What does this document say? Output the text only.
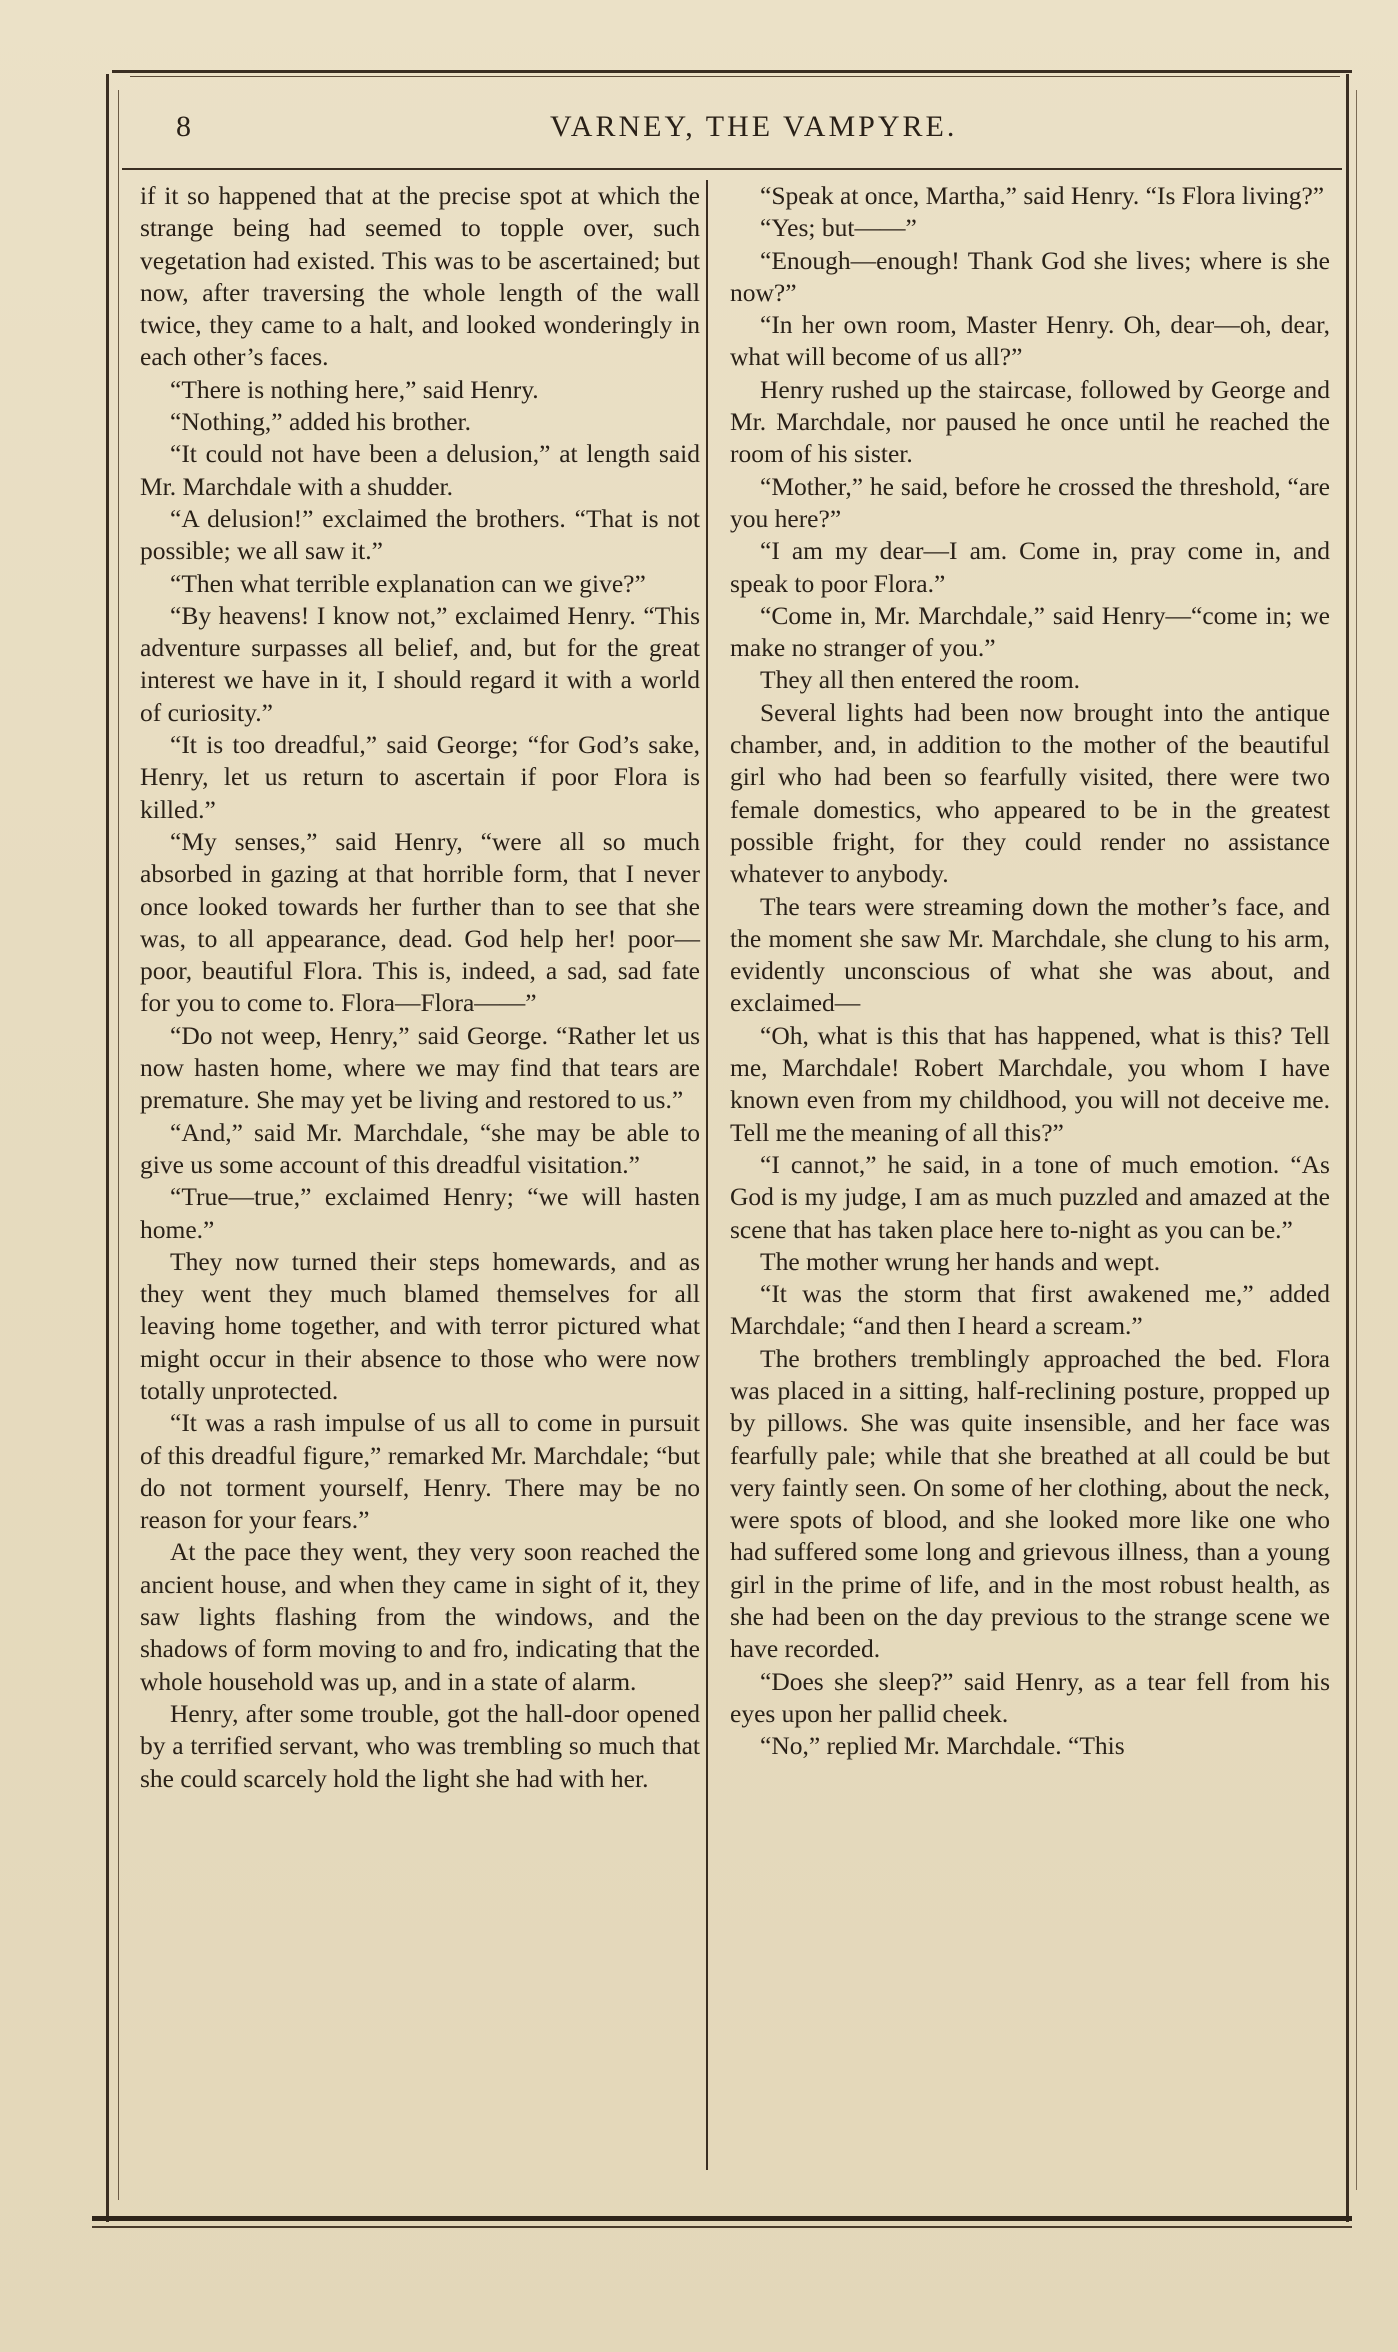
8	VARNEY, THE VAMPYRE.

if it so happened that at the precise spot at which the strange being had seemed to topple over, such vegetation had existed. This was to be ascertained; but now, after traversing the whole length of the wall twice, they came to a halt, and looked wonderingly in each other’s faces.

“There is nothing here,” said Henry.

“Nothing,” added his brother.

“It could not have been a delusion,” at length said Mr. Marchdale with a shudder.

“A delusion!” exclaimed the brothers. “That is not possible; we all saw it.”

“Then what terrible explanation can we give?”

“By heavens! I know not,” exclaimed Henry. “This adventure surpasses all belief, and, but for the great interest we have in it, I should regard it with a world of curiosity.”

“It is too dreadful,” said George; “for God’s sake, Henry, let us return to ascertain if poor Flora is killed.”

“My senses,” said Henry, “were all so much absorbed in gazing at that horrible form, that I never once looked towards her further than to see that she was, to all appearance, dead. God help her! poor—poor, beautiful Flora. This is, indeed, a sad, sad fate for you to come to. Flora—Flora——”

“Do not weep, Henry,” said George. “Rather let us now hasten home, where we may find that tears are premature. She may yet be living and restored to us.”

“And,” said Mr. Marchdale, “she may be able to give us some account of this dreadful visitation.”

“True—true,” exclaimed Henry; “we will hasten home.”

They now turned their steps homewards, and as they went they much blamed themselves for all leaving home together, and with terror pictured what might occur in their absence to those who were now totally unprotected.

“It was a rash impulse of us all to come in pursuit of this dreadful figure,” remarked Mr. Marchdale; “but do not torment yourself, Henry. There may be no reason for your fears.”

At the pace they went, they very soon reached the ancient house, and when they came in sight of it, they saw lights flashing from the windows, and the shadows of form moving to and fro, indicating that the whole household was up, and in a state of alarm.

Henry, after some trouble, got the hall-door opened by a terrified servant, who was trembling so much that she could scarcely hold the light she had with her.

“Speak at once, Martha,” said Henry. “Is Flora living?”

“Yes; but——”

“Enough—enough! Thank God she lives; where is she now?”

“In her own room, Master Henry. Oh, dear—oh, dear, what will become of us all?”

Henry rushed up the staircase, followed by George and Mr. Marchdale, nor paused he once until he reached the room of his sister.

“Mother,” he said, before he crossed the threshold, “are you here?”

“I am my dear—I am. Come in, pray come in, and speak to poor Flora.”

“Come in, Mr. Marchdale,” said Henry—“come in; we make no stranger of you.”

They all then entered the room.

Several lights had been now brought into the antique chamber, and, in addition to the mother of the beautiful girl who had been so fearfully visited, there were two female domestics, who appeared to be in the greatest possible fright, for they could render no assistance whatever to anybody.

The tears were streaming down the mother’s face, and the moment she saw Mr. Marchdale, she clung to his arm, evidently unconscious of what she was about, and exclaimed—

“Oh, what is this that has happened, what is this? Tell me, Marchdale! Robert Marchdale, you whom I have known even from my childhood, you will not deceive me. Tell me the meaning of all this?”

“I cannot,” he said, in a tone of much emotion. “As God is my judge, I am as much puzzled and amazed at the scene that has taken place here to-night as you can be.”

The mother wrung her hands and wept.

“It was the storm that first awakened me,” added Marchdale; “and then I heard a scream.”

The brothers tremblingly approached the bed. Flora was placed in a sitting, half-reclining posture, propped up by pillows. She was quite insensible, and her face was fearfully pale; while that she breathed at all could be but very faintly seen. On some of her clothing, about the neck, were spots of blood, and she looked more like one who had suffered some long and grievous illness, than a young girl in the prime of life, and in the most robust health, as she had been on the day previous to the strange scene we have recorded.

“Does she sleep?” said Henry, as a tear fell from his eyes upon her pallid cheek.

“No,” replied Mr. Marchdale. “This
